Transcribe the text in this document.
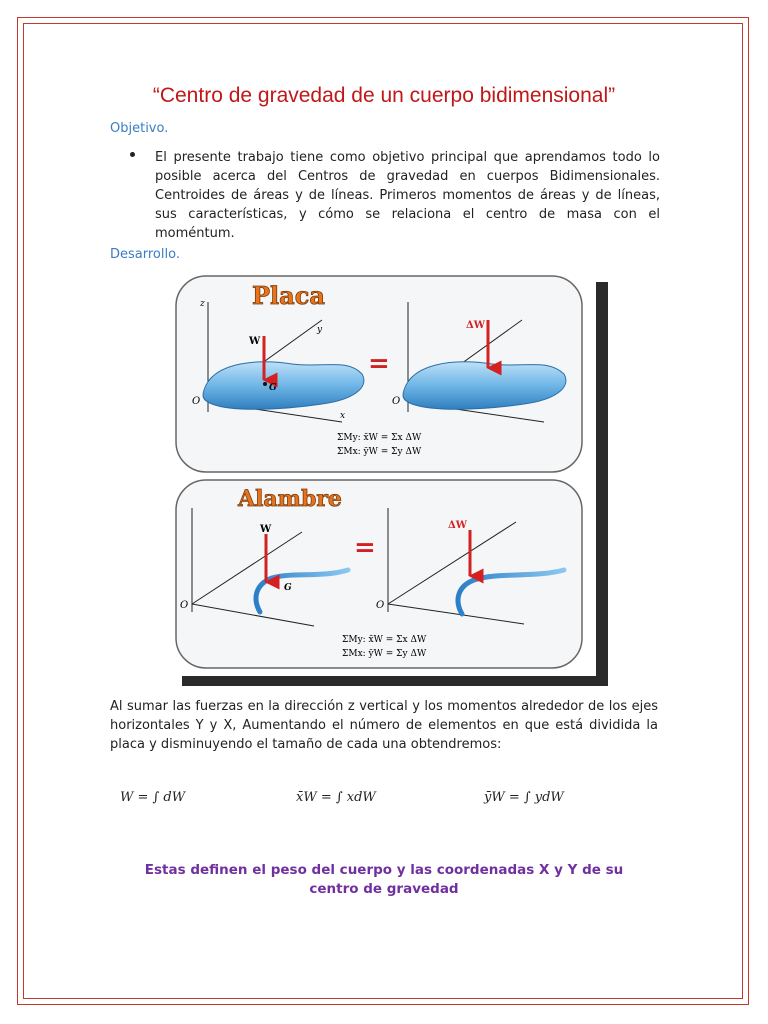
“Centro de gravedad de un cuerpo bidimensional”
Objetivo.
El presente trabajo tiene como objetivo principal que aprendamos todo lo posible acerca del Centros de gravedad en cuerpos Bidimensionales. Centroides de áreas y de líneas. Primeros momentos de áreas y de líneas, sus características, y cómo se relaciona el centro de masa con el moméntum.
Desarrollo.
Placa
z
y
x
O
W
G
=
O
ΔW
ΣMy: x̄W = Σx ΔW
ΣMx: ȳW = Σy ΔW
Alambre
O
W
G
=
O
ΔW
ΣMy: x̄W = Σx ΔW
ΣMx: ȳW = Σy ΔW
Al sumar las fuerzas en la dirección z vertical y los momentos alrededor de los ejes horizontales Y y X, Aumentando el número de elementos en que está dividida la placa y disminuyendo el tamaño de cada una obtendremos:
W = ∫ dW	x̄W = ∫ xdW	ȳW = ∫ ydW
Estas definen el peso del cuerpo y las coordenadas X y Y de su centro de gravedad
